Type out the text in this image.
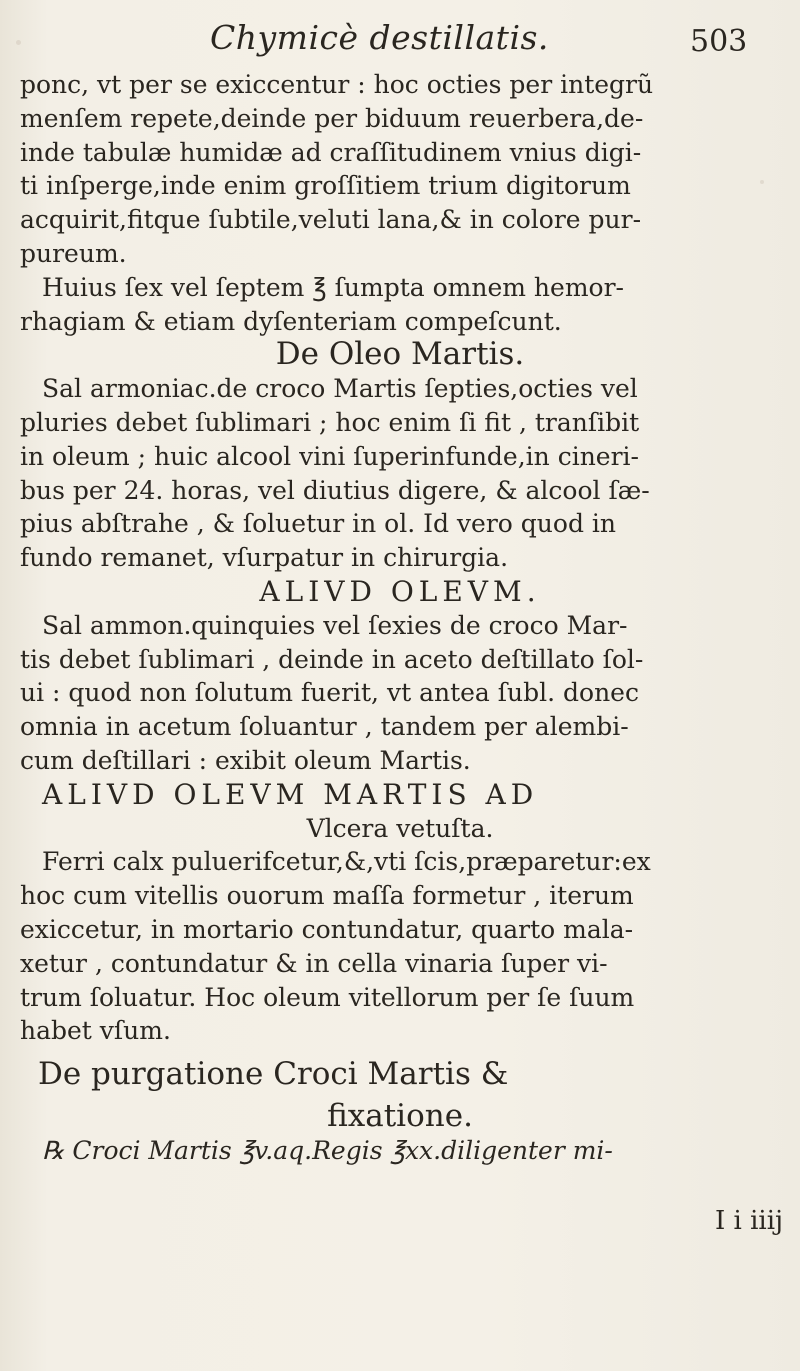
Chymicè destillatis.	503
ponc, vt per se exiccentur : hoc octies per integrũ
menſem repete,deinde per biduum reuerbera,de-
inde tabulæ humidæ ad craſſitudinem vnius digi-
ti inſperge,inde enim groſſitiem trium digitorum
acquirit,fitque ſubtile,veluti lana,& in colore pur-
pureum.
Huius ſex vel ſeptem ℥ ſumpta omnem hemor-
rhagiam & etiam dyſenteriam compeſcunt.
De Oleo Martis.
Sal armoniac.de croco Martis ſepties,octies vel
pluries debet ſublimari ; hoc enim ſi fit , tranſibit
in oleum ; huic alcool vini ſuperinfunde,in cineri-
bus per 24. horas, vel diutius digere, & alcool ſæ-
pius abſtrahe , & ſoluetur in ol. Id vero quod in
fundo remanet, vſurpatur in chirurgia.
ALIVD OLEVM.
Sal ammon.quinquies vel ſexies de croco Mar-
tis debet ſublimari , deinde in aceto deſtillato ſol-
ui : quod non ſolutum fuerit, vt antea ſubl. donec
omnia in acetum ſoluantur , tandem per alembi-
cum deſtillari : exibit oleum Martis.
ALIVD OLEVM MARTIS AD
Vlcera vetuſta.
Ferri calx puluerifcetur,&,vti ſcis,præparetur:ex
hoc cum vitellis ouorum maſſa formetur , iterum
exiccetur, in mortario contundatur, quarto mala-
xetur , contundatur & in cella vinaria ſuper vi-
trum ſoluatur. Hoc oleum vitellorum per ſe ſuum
habet vſum.
De purgatione Croci Martis &
fixatione.
℞ Croci Martis ℥v.aq.Regis ℥xx.diligenter mi-
I i iiij
